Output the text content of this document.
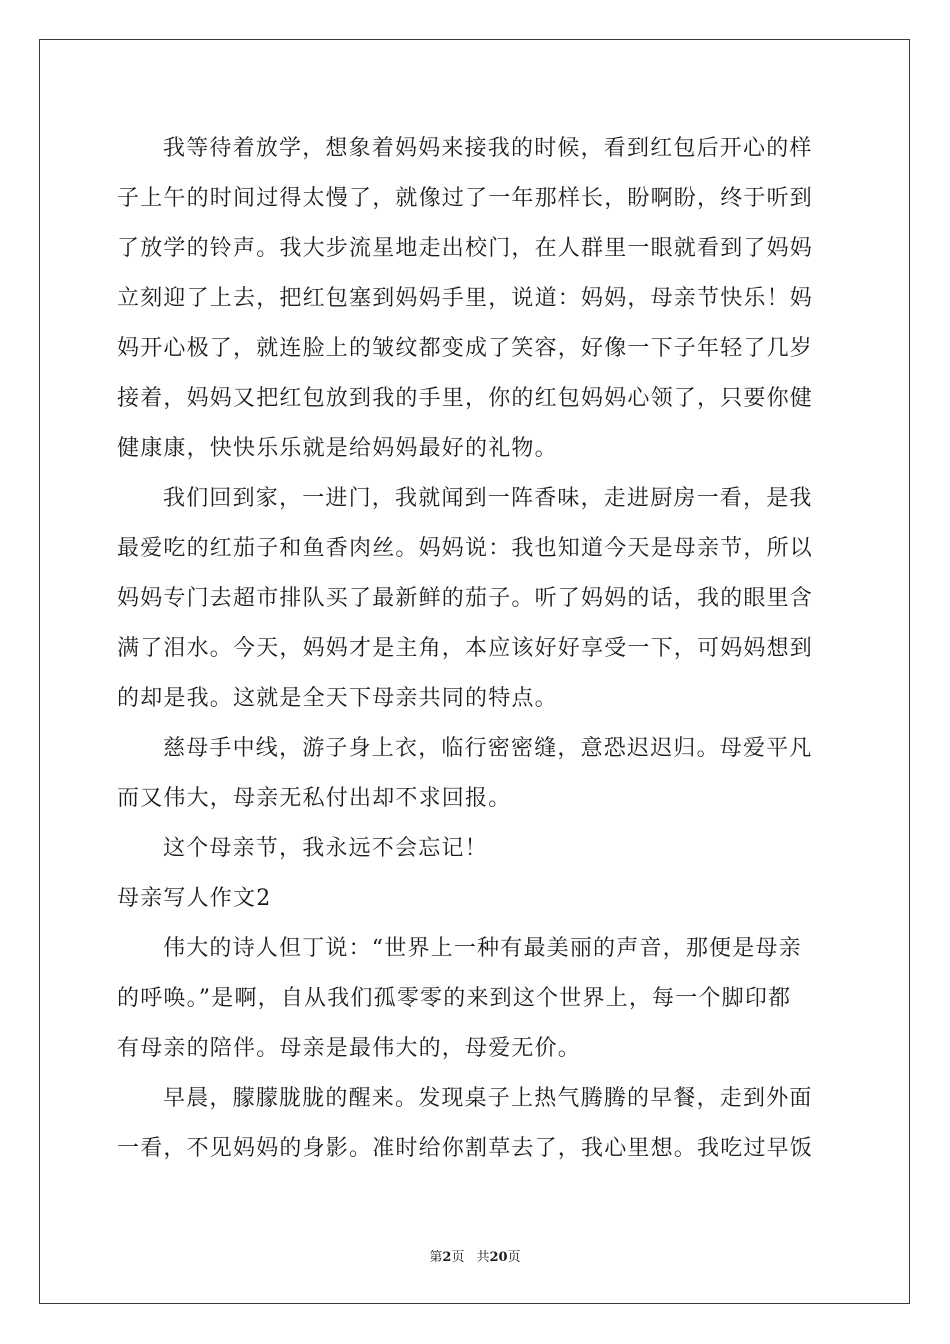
我等待着放学，想象着妈妈来接我的时候，看到红包后开心的样
子上午的时间过得太慢了，就像过了一年那样长，盼啊盼，终于听到
了放学的铃声。我大步流星地走出校门，在人群里一眼就看到了妈妈
立刻迎了上去，把红包塞到妈妈手里，说道：妈妈，母亲节快乐！妈
妈开心极了，就连脸上的皱纹都变成了笑容，好像一下子年轻了几岁
接着，妈妈又把红包放到我的手里，你的红包妈妈心领了，只要你健
健康康，快快乐乐就是给妈妈最好的礼物。
我们回到家，一进门，我就闻到一阵香味，走进厨房一看，是我
最爱吃的红茄子和鱼香肉丝。妈妈说：我也知道今天是母亲节，所以
妈妈专门去超市排队买了最新鲜的茄子。听了妈妈的话，我的眼里含
满了泪水。今天，妈妈才是主角，本应该好好享受一下，可妈妈想到
的却是我。这就是全天下母亲共同的特点。
慈母手中线，游子身上衣，临行密密缝，意恐迟迟归。母爱平凡
而又伟大，母亲无私付出却不求回报。
这个母亲节，我永远不会忘记！
母亲写人作文2
伟大的诗人但丁说：“世界上一种有最美丽的声音，那便是母亲
的呼唤。”是啊，自从我们孤零零的来到这个世界上，每一个脚印都
有母亲的陪伴。母亲是最伟大的，母爱无价。
早晨，朦朦胧胧的醒来。发现桌子上热气腾腾的早餐，走到外面
一看，不见妈妈的身影。准时给你割草去了，我心里想。我吃过早饭
第2页 共20页
